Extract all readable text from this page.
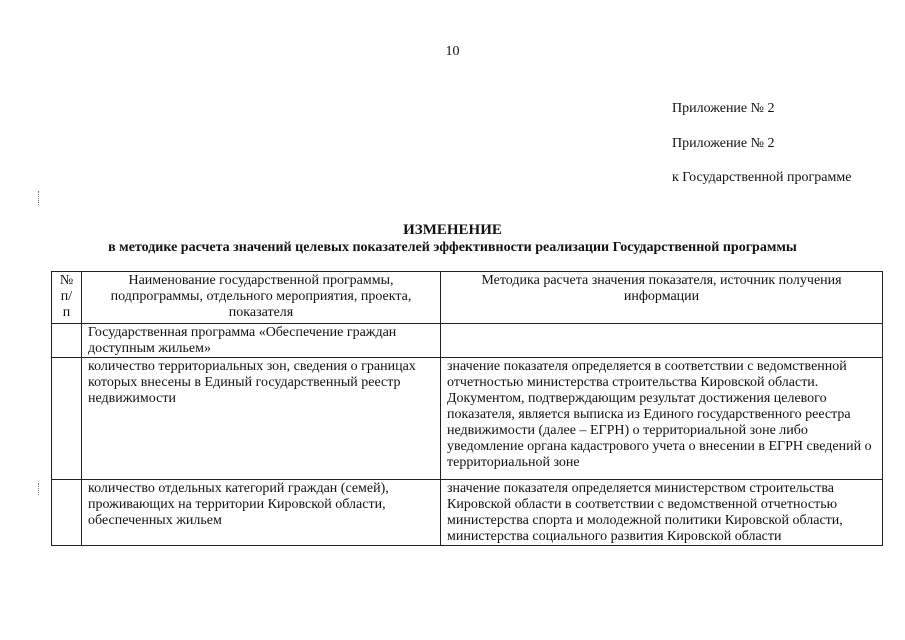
10
Приложение № 2
Приложение № 2
к Государственной программе
ИЗМЕНЕНИЕ
в методике расчета значений целевых показателей эффективности реализации Государственной программы
№ п/п	Наименование государственной программы, подпрограммы, отдельного мероприятия, проекта, показателя	Методика расчета значения показателя, источник получения информации
	Государственная программа «Обеспечение граждан доступным жильем»	
	количество территориальных зон, сведения о границах которых внесены в Единый государственный реестр недвижимости	значение показателя определяется в соответствии с ведомственной отчетностью министерства строительства Кировской области. Документом, подтверждающим результат достижения целевого показателя, является выписка из Единого государственного реестра недвижимости (далее – ЕГРН) о территориальной зоне либо уведомление органа кадастрового учета о внесении в ЕГРН сведений о территориальной зоне
	количество отдельных категорий граждан (семей), проживающих на территории Кировской области, обеспеченных жильем	значение показателя определяется министерством строительства Кировской области в соответствии с ведомственной отчетностью министерства спорта и молодежной политики Кировской области, министерства социального развития Кировской области
